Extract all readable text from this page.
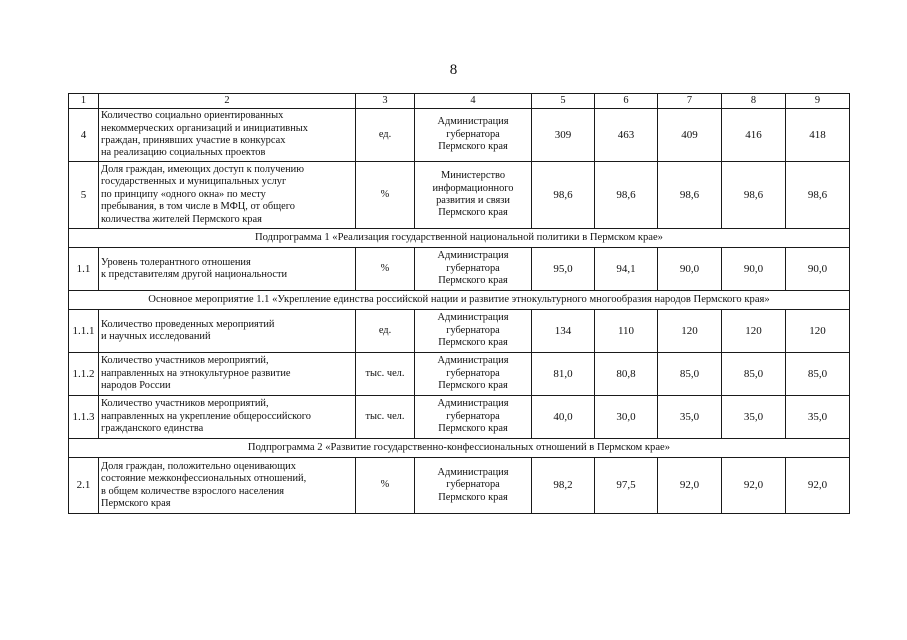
8
1	2	3	4	5	6	7	8	9
4	Количество социально ориентированных
некоммерческих организаций и инициативных
граждан, принявших участие в конкурсах
на реализацию социальных проектов	ед.	Администрация
губернатора
Пермского края	309	463	409	416	418
5	Доля граждан, имеющих доступ к получению
государственных и муниципальных услуг
по принципу «одного окна» по месту
пребывания, в том числе в МФЦ, от общего
количества жителей Пермского края	%	Министерство
информационного
развития и связи
Пермского края	98,6	98,6	98,6	98,6	98,6
Подпрограмма 1 «Реализация государственной национальной политики в Пермском крае»								
1.1	Уровень толерантного отношения
к представителям другой национальности	%	Администрация
губернатора
Пермского края	95,0	94,1	90,0	90,0	90,0
Основное мероприятие 1.1 «Укрепление единства российской нации и развитие этнокультурного многообразия народов Пермского края»								
1.1.1	Количество проведенных мероприятий
и научных исследований	ед.	Администрация
губернатора
Пермского края	134	110	120	120	120
1.1.2	Количество участников мероприятий,
направленных на этнокультурное развитие
народов России	тыс. чел.	Администрация
губернатора
Пермского края	81,0	80,8	85,0	85,0	85,0
1.1.3	Количество участников мероприятий,
направленных на укрепление общероссийского
гражданского единства	тыс. чел.	Администрация
губернатора
Пермского края	40,0	30,0	35,0	35,0	35,0
Подпрограмма 2 «Развитие государственно-конфессиональных отношений в Пермском крае»								
2.1	Доля граждан, положительно оценивающих
состояние межконфессиональных отношений,
в общем количестве взрослого населения
Пермского края	%	Администрация
губернатора
Пермского края	98,2	97,5	92,0	92,0	92,0
